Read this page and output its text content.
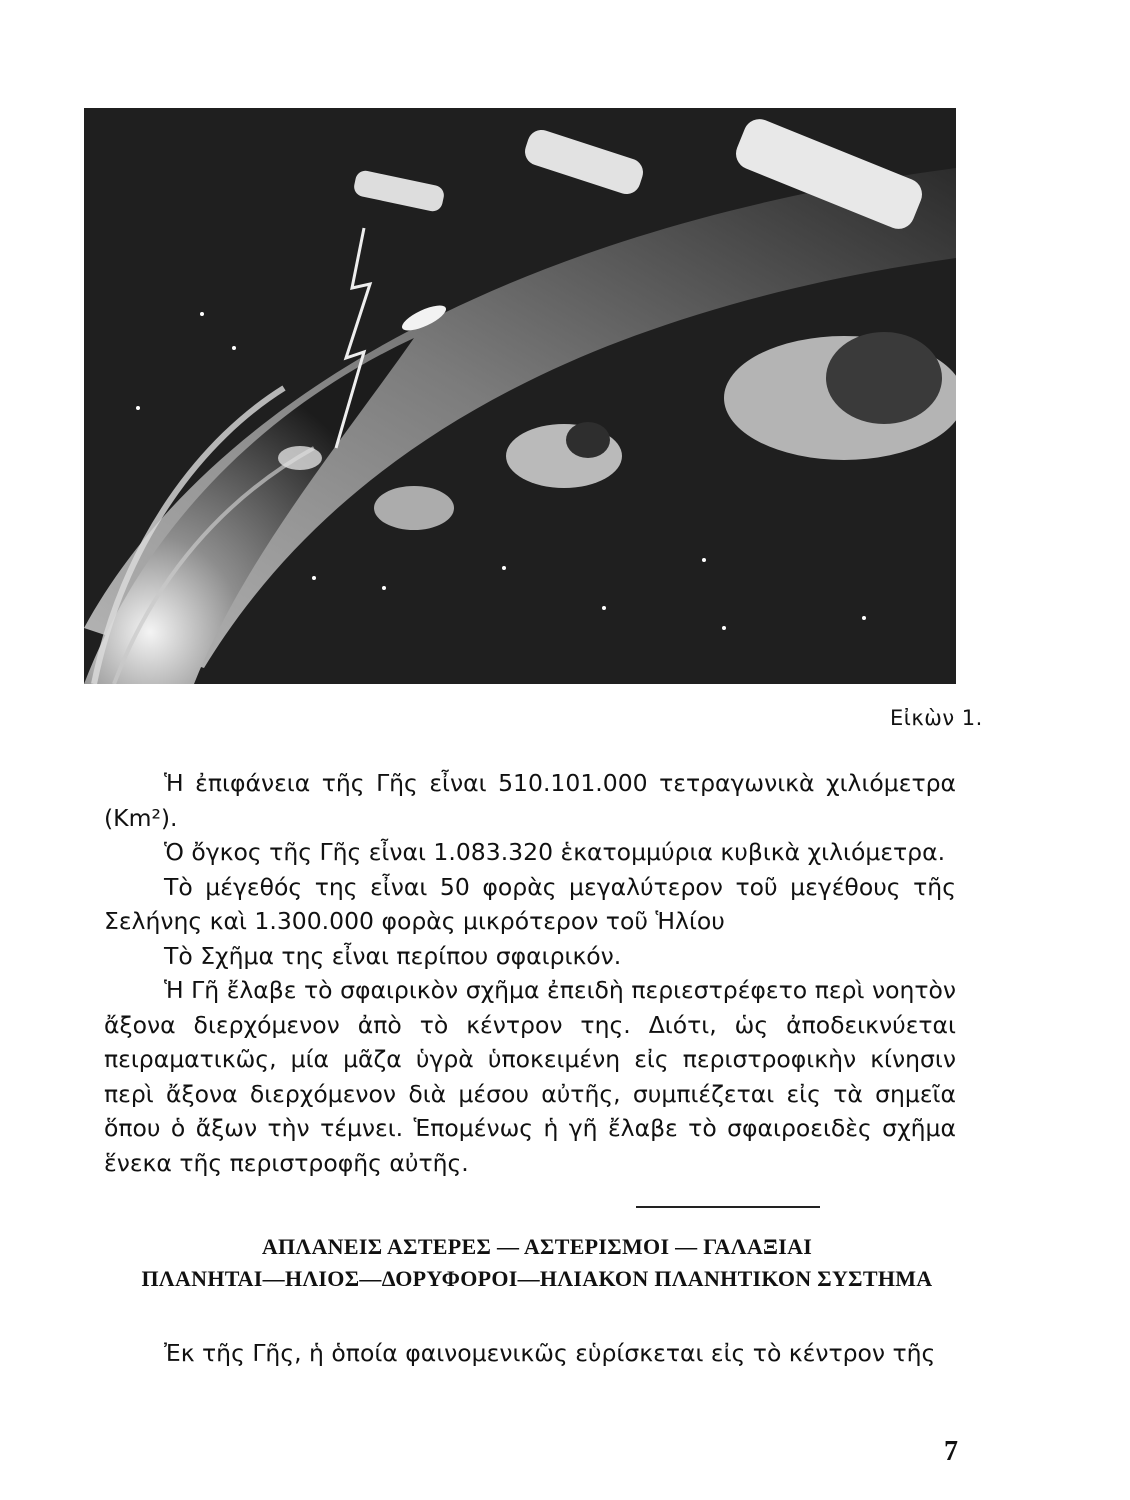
Εἰκὼν 1.

Ἡ ἐπιφάνεια τῆς Γῆς εἶναι 510.101.000 τετραγωνικὰ χιλιόμετρα (Km²).

Ὁ ὄγκος τῆς Γῆς εἶναι 1.083.320 ἑκατομμύρια κυβικὰ χιλιόμετρα.

Τὸ μέγεθός της εἶναι 50 φορὰς μεγαλύτερον τοῦ μεγέθους τῆς Σελήνης καὶ 1.300.000 φορὰς μικρότερον τοῦ Ἡλίου

Τὸ Σχῆμα της εἶναι περίπου σφαιρικόν.

Ἡ Γῆ ἔλαβε τὸ σφαιρικὸν σχῆμα ἐπειδὴ περιεστρέφετο περὶ νοητὸν ἄξονα διερχόμενον ἀπὸ τὸ κέντρον της. Διότι, ὡς ἀποδεικνύεται πειραματικῶς, μία μᾶζα ὑγρὰ ὑποκειμένη εἰς περιστροφικὴν κίνησιν περὶ ἄξονα διερχόμενον διὰ μέσου αὐτῆς, συμπιέζεται εἰς τὰ σημεῖα ὅπου ὁ ἄξων τὴν τέμνει. Ἑπομένως ἡ γῆ ἔλαβε τὸ σφαιροειδὲς σχῆμα ἕνεκα τῆς περιστροφῆς αὐτῆς.

ΑΠΛΑΝΕΙΣ ΑΣΤΕΡΕΣ — ΑΣΤΕΡΙΣΜΟΙ — ΓΑΛΑΞΙΑΙ
ΠΛΑΝΗΤΑΙ—ΗΛΙΟΣ—ΔΟΡΥΦΟΡΟΙ—ΗΛΙΑΚΟΝ ΠΛΑΝΗΤΙΚΟΝ ΣΥΣΤΗΜΑ

Ἐκ τῆς Γῆς, ἡ ὁποία φαινομενικῶς εὑρίσκεται εἰς τὸ κέντρον τῆς

7
